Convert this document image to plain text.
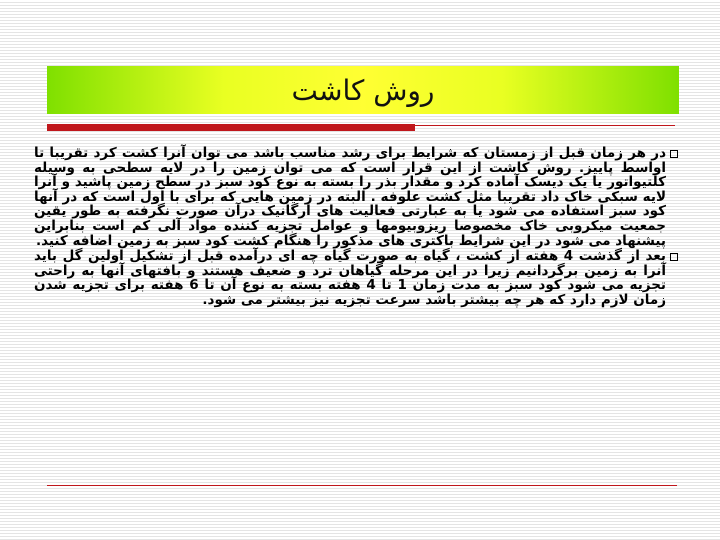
روش کاشت

در هر زمان قبل از زمستان که شرایط برای رشد مناسب باشد می توان آنرا کشت کرد تقریبا تا اواسط پاییز. روش کاشت از این قرار است که می توان زمین را در لایه سطحی به وسیله کلتیواتور یا یک دیسک آماده کرد و مقدار بذر را بسته به نوع کود سبز در سطح زمین پاشید و آنرا لایه سبکی خاک داد تقریبا مثل کشت علوفه . البته در زمین هایی که برای با اول است که در آنها کود سبز استفاده می شود یا به عبارتی فعالیت های ارگانیک درآن صورت نگرفته به طور یقین جمعیت میکروبی خاک مخصوصا ریزوبیومها و عوامل تجزیه کننده مواد آلی کم است بنابراین پیشنهاد می شود در این شرایط باکتری های مذکور را هنگام کشت کود سبز به زمین اضافه کنید.

بعد از گذشت 4 هفته از کشت ، گیاه به صورت گیاه چه ای درآمده قبل از تشکیل اولین گل باید آنرا به زمین برگردانیم زیرا در این مرحله گیاهان ترد و ضعیف هستند و بافتهای آنها به راحتی تجزیه می شود کود سبز به مدت زمان 1 تا 4 هفته بسته به نوع آن تا 6 هفته برای تجزیه شدن زمان لازم دارد که هر چه بیشتر باشد سرعت تجزیه نیز بیشتر می شود.
